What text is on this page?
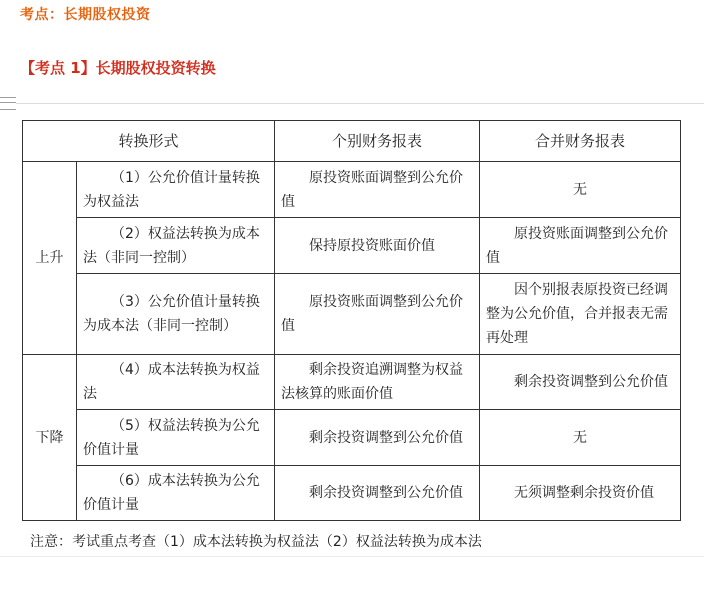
考点：长期股权投资
【考点 1】长期股权投资转换
转换形式		个别财务报表	合并财务报表
上升	（1）公允价值计量转换为权益法	原投资账面调整到公允价值	无
	（2）权益法转换为成本法（非同一控制）	保持原投资账面价值	原投资账面调整到公允价值
	（3）公允价值计量转换为成本法（非同一控制）	原投资账面调整到公允价值	因个别报表原投资已经调整为公允价值，合并报表无需再处理
下降	（4）成本法转换为权益法	剩余投资追溯调整为权益法核算的账面价值	剩余投资调整到公允价值
	（5）权益法转换为公允价值计量	剩余投资调整到公允价值	无
	（6）成本法转换为公允价值计量	剩余投资调整到公允价值	无须调整剩余投资价值
注意：考试重点考查（1）成本法转换为权益法（2）权益法转换为成本法
